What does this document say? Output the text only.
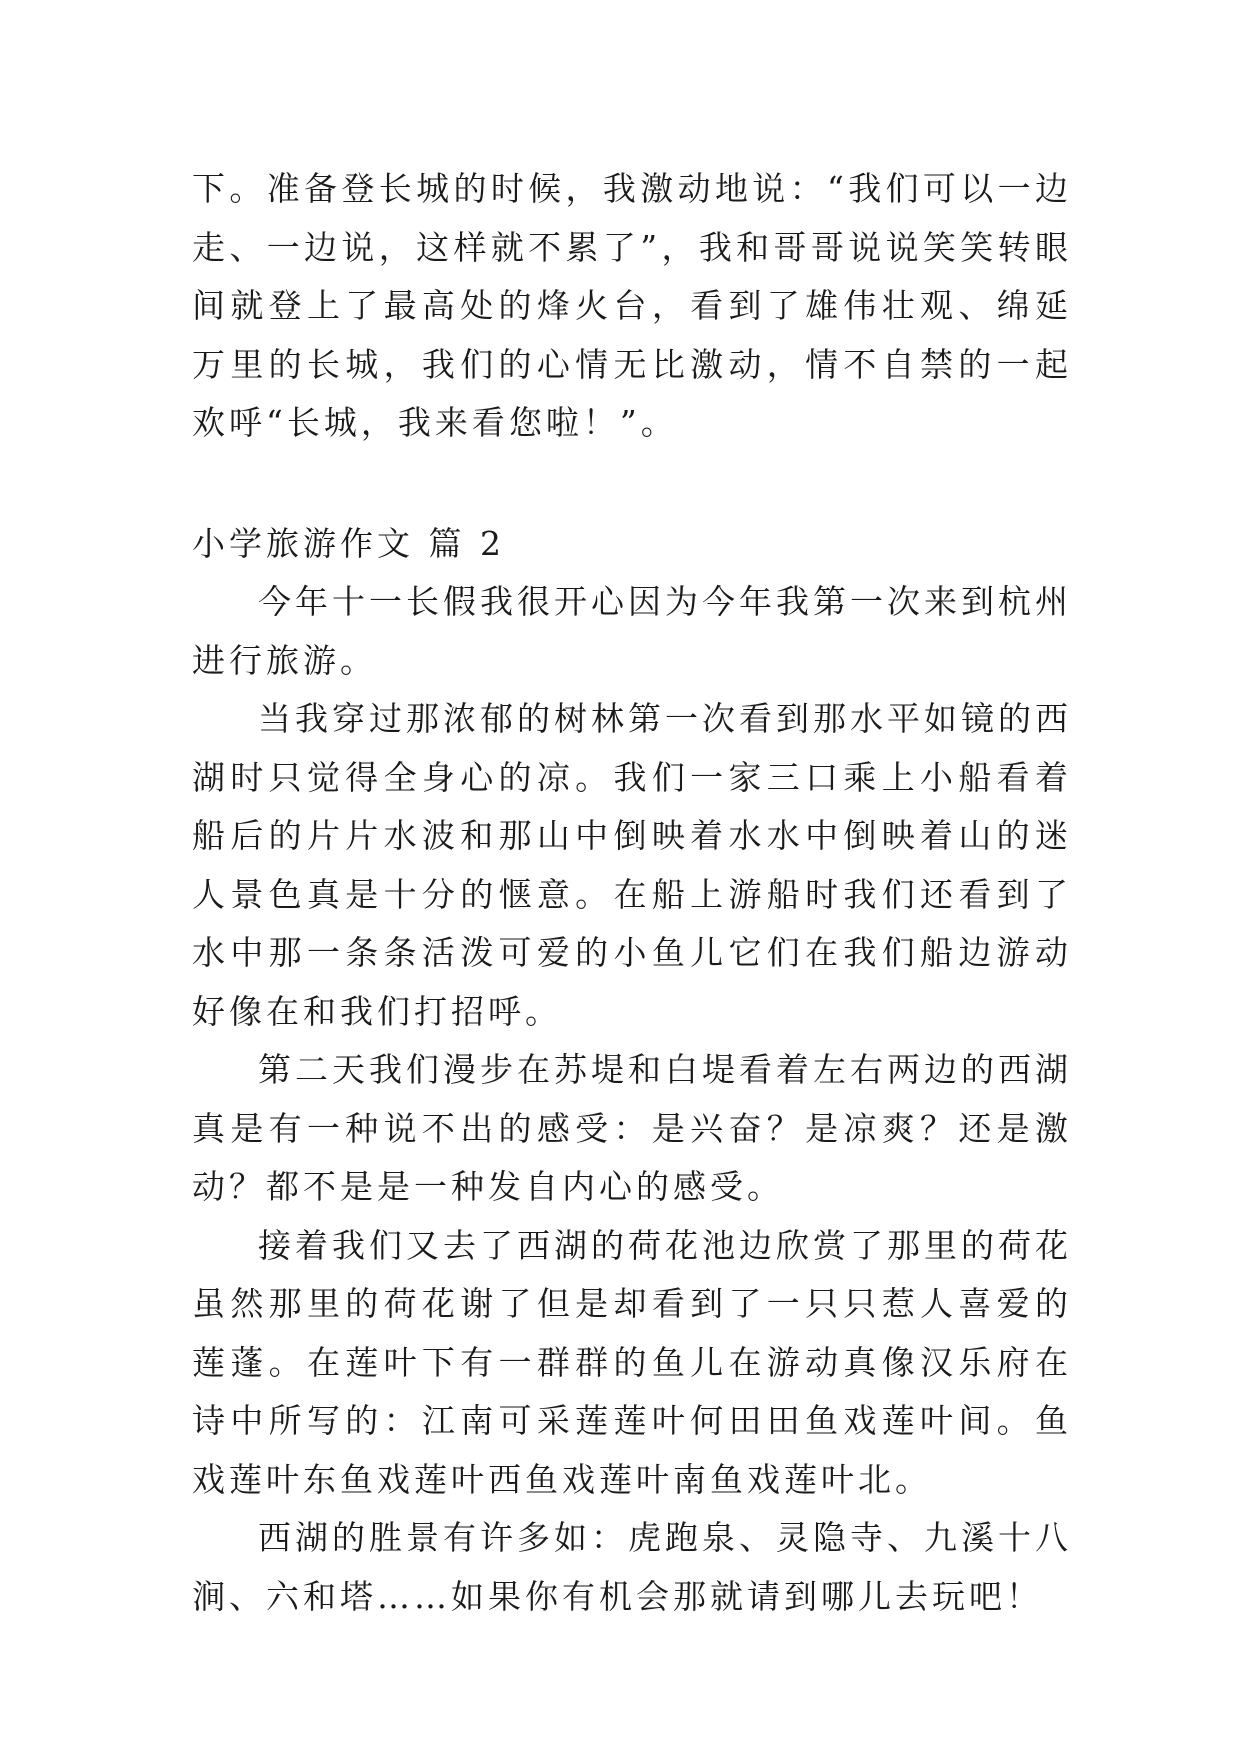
下。准备登长城的时候，我激动地说：“我们可以一边走、一边说，这样就不累了”，我和哥哥说说笑笑转眼间就登上了最高处的烽火台，看到了雄伟壮观、绵延万里的长城，我们的心情无比激动，情不自禁的一起欢呼“长城，我来看您啦！”。

小学旅游作文 篇 2

今年十一长假我很开心因为今年我第一次来到杭州进行旅游。

当我穿过那浓郁的树林第一次看到那水平如镜的西湖时只觉得全身心的凉。我们一家三口乘上小船看着船后的片片水波和那山中倒映着水水中倒映着山的迷人景色真是十分的惬意。在船上游船时我们还看到了水中那一条条活泼可爱的小鱼儿它们在我们船边游动好像在和我们打招呼。

第二天我们漫步在苏堤和白堤看着左右两边的西湖真是有一种说不出的感受：是兴奋？是凉爽？还是激动？都不是是一种发自内心的感受。

接着我们又去了西湖的荷花池边欣赏了那里的荷花虽然那里的荷花谢了但是却看到了一只只惹人喜爱的莲蓬。在莲叶下有一群群的鱼儿在游动真像汉乐府在诗中所写的：江南可采莲莲叶何田田鱼戏莲叶间。鱼戏莲叶东鱼戏莲叶西鱼戏莲叶南鱼戏莲叶北。

西湖的胜景有许多如：虎跑泉、灵隐寺、九溪十八涧、六和塔……如果你有机会那就请到哪儿去玩吧！
